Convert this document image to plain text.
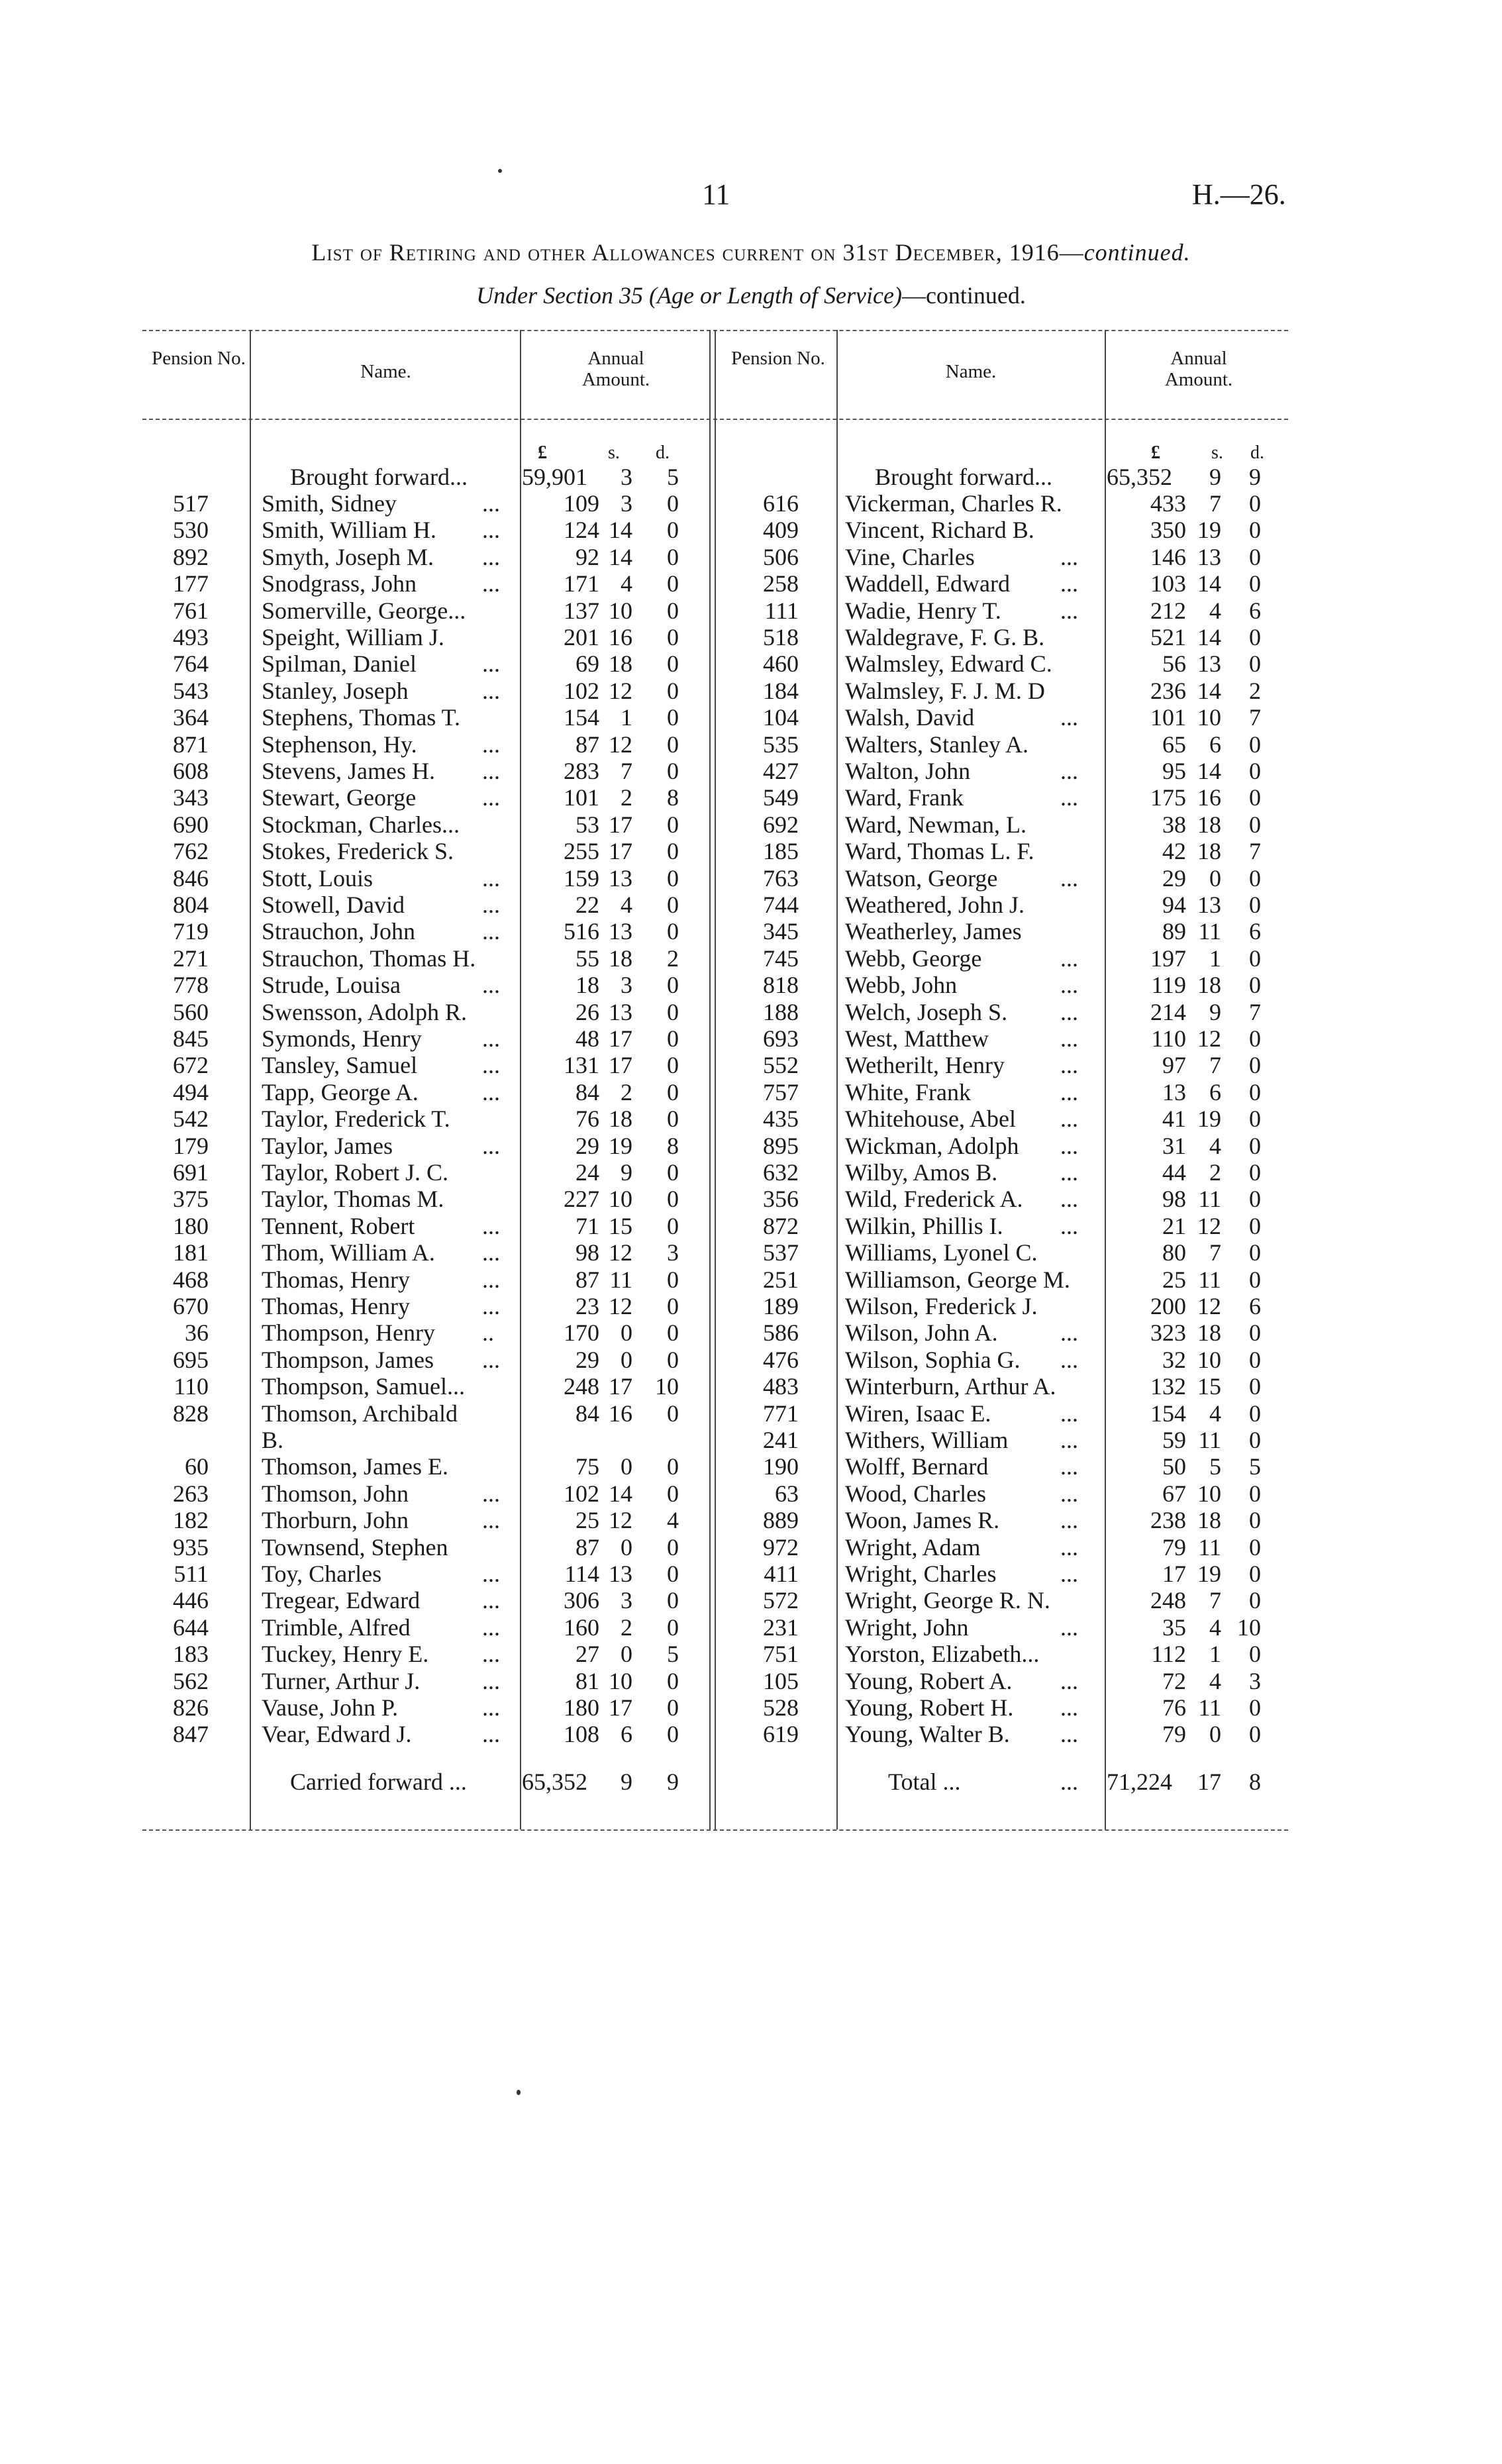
11	H.—26.
List of Retiring and other Allowances current on 31st December, 1916—continued.
Under Section 35 (Age or Length of Service)—continued.
Pension No.
Name.
Annual Amount.
Pension No.
Name.
Annual Amount.
£	s. d.	£	s. d.
Brought forward... 59,901	3	5
517 Smith, Sidney	...	109 3	0
530 Smith, William H. ...	124 14	0
892 Smyth, Joseph M. ...	92 14	0
177 Snodgrass, John	...	171 4	0
761 Somerville, George...	137 10	0
493 Speight, William J.	201 16	0
764 Spilman, Daniel	...	69 18	0
543 Stanley, Joseph	...	102 12	0
364 Stephens, Thomas T.	154 1	0
871 Stephenson, Hy.	...	87 12	0
608 Stevens, James H. ...	283 7	0
343 Stewart, George	...	101 2	8
690 Stockman, Charles...	53 17	0
762 Stokes, Frederick S.	255 17	0
846 Stott, Louis	...	159 13	0
804 Stowell, David	...	22 4	0
719 Strauchon, John	...	516 13	0
271 Strauchon, Thomas H.	55 18	2
778 Strude, Louisa	...	18 3	0
560 Swensson, Adolph R.	26 13	0
845 Symonds, Henry	...	48 17	0
672 Tansley, Samuel	...	131 17	0
494 Tapp, George A.	...	84 2	0
542 Taylor, Frederick T.	76 18	0
179 Taylor, James	...	29 19	8
691 Taylor, Robert J. C.	24 9	0
375 Taylor, Thomas M.	227 10	0
180 Tennent, Robert	...	71 15	0
181 Thom, William A. ...	98 12	3
468 Thomas, Henry	...	87 11	0
670 Thomas, Henry	...	23 12	0
36 Thompson, Henry ..	170 0	0
695 Thompson, James ...	29 0	0
110 Thompson, Samuel...	248 17 10
828 Thomson, Archibald	84 16	0
B.
60 Thomson, James E.	75 0	0
263 Thomson, John	...	102 14	0
182 Thorburn, John	...	25 12	4
935 Townsend, Stephen	87 0	0
511 Toy, Charles	...	114 13	0
446 Tregear, Edward	...	306 3	0
644 Trimble, Alfred	...	160 2	0
183 Tuckey, Henry E. ...	27 0	5
562 Turner, Arthur J.	...	81 10	0
826 Vause, John P.	...	180 17	0
847 Vear, Edward J.	...	108 6	0
Brought forward... 65,352	9	9
616 Vickerman, Charles R.	433 7	0
409 Vincent, Richard B.	350 19	0
506 Vine, Charles	...	146 13	0
258 Waddell, Edward ...	103 14	0
111 Wadie, Henry T. ...	212 4	6
518 Waldegrave, F. G. B.	521 14	0
460 Walmsley, Edward C.	56 13	0
184 Walmsley, F. J. M. D	236 14	2
104 Walsh, David	...	101 10	7
535 Walters, Stanley A.	65 6	0
427 Walton, John	...	95 14	0
549 Ward, Frank	...	175 16	0
692 Ward, Newman, L.	38 18	0
185 Ward, Thomas L. F.	42 18	7
763 Watson, George	...	29 0	0
744 Weathered, John J.	94 13	0
345 Weatherley, James	89 11	6
745 Webb, George	...	197 1	0
818 Webb, John	...	119 18	0
188 Welch, Joseph S. ...	214 9	7
693 West, Matthew	...	110 12	0
552 Wetherilt, Henry ...	97 7	0
757 White, Frank	...	13 6	0
435 Whitehouse, Abel ...	41 19	0
895 Wickman, Adolph ...	31 4	0
632 Wilby, Amos B.	...	44 2	0
356 Wild, Frederick A. ...	98 11	0
872 Wilkin, Phillis I. ...	21 12	0
537 Williams, Lyonel C.	80 7	0
251 Williamson, George M.	25 11	0
189 Wilson, Frederick J.	200 12	6
586 Wilson, John A.	...	323 18	0
476 Wilson, Sophia G. ...	32 10	0
483 Winterburn, Arthur A.	132 15	0
771 Wiren, Isaac E.	...	154 4	0
241 Withers, William ...	59 11	0
190 Wolff, Bernard	...	50 5	5
63 Wood, Charles	...	67 10	0
889 Woon, James R.	...	238 18	0
972 Wright, Adam	...	79 11	0
411 Wright, Charles	...	17 19	0
572 Wright, George R. N.	248 7	0
231 Wright, John	...	35 4 10
751 Yorston, Elizabeth...	112 1	0
105 Young, Robert A. ...	72 4	3
528 Young, Robert H. ...	76 11	0
619 Young, Walter B. ...	79 0	0
Carried forward ... 65,352	9	9	Total ...	... 71,224	17	8
